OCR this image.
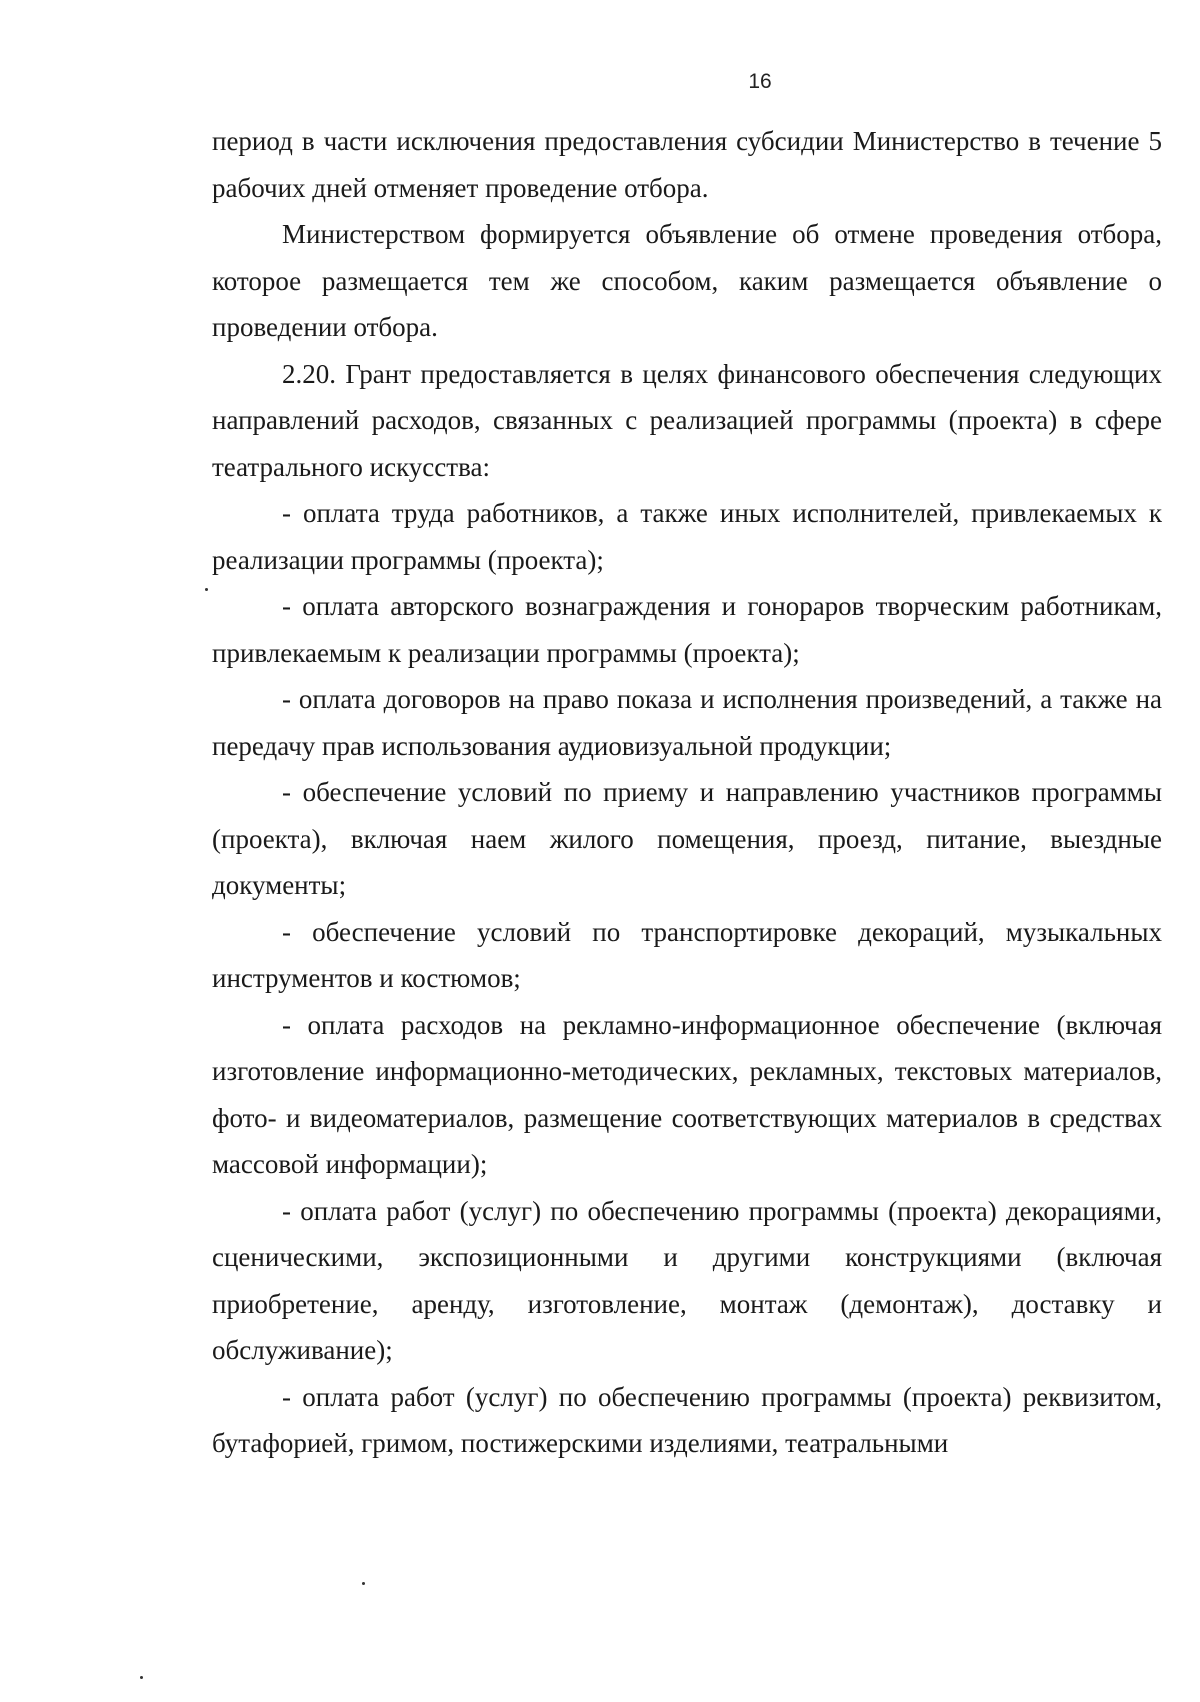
16

период в части исключения предоставления субсидии Министерство в течение 5 рабочих дней отменяет проведение отбора.

Министерством формируется объявление об отмене проведения отбора, которое размещается тем же способом, каким размещается объявление о проведении отбора.

2.20. Грант предоставляется в целях финансового обеспечения следующих направлений расходов, связанных с реализацией программы (проекта) в сфере театрального искусства:

- оплата труда работников, а также иных исполнителей, привлекаемых к реализации программы (проекта);

- оплата авторского вознаграждения и гонораров творческим работникам, привлекаемым к реализации программы (проекта);

- оплата договоров на право показа и исполнения произведений, а также на передачу прав использования аудиовизуальной продукции;

- обеспечение условий по приему и направлению участников программы (проекта), включая наем жилого помещения, проезд, питание, выездные документы;

- обеспечение условий по транспортировке декораций, музыкальных инструментов и костюмов;

- оплата расходов на рекламно-информационное обеспечение (включая изготовление информационно-методических, рекламных, текстовых материалов, фото- и видеоматериалов, размещение соответствующих материалов в средствах массовой информации);

- оплата работ (услуг) по обеспечению программы (проекта) декорациями, сценическими, экспозиционными и другими конструкциями (включая приобретение, аренду, изготовление, монтаж (демонтаж), доставку и обслуживание);

- оплата работ (услуг) по обеспечению программы (проекта) реквизитом, бутафорией, гримом, постижерскими изделиями, театральными
